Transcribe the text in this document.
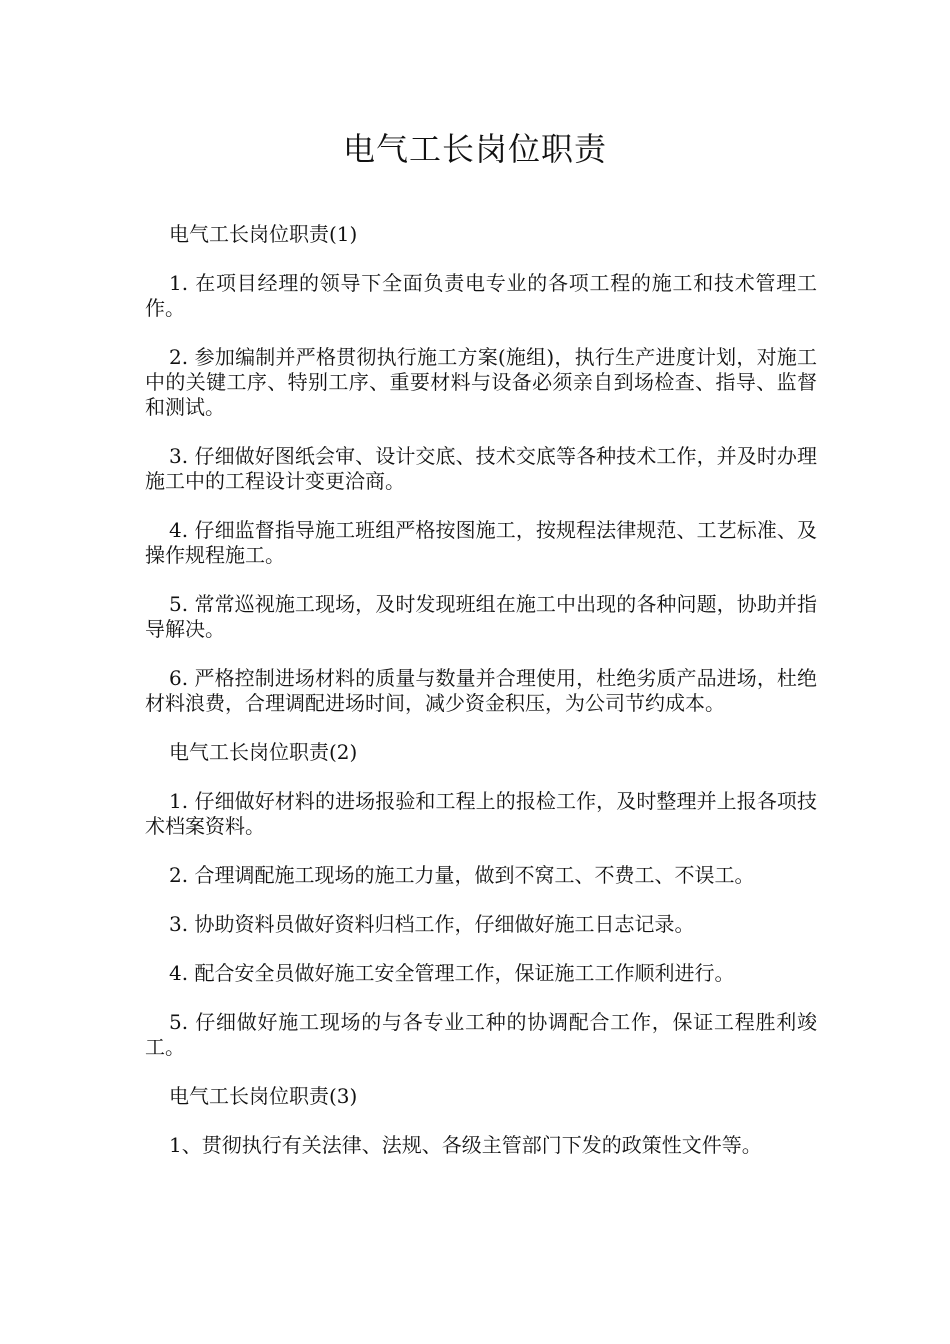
电气工长岗位职责

电气工长岗位职责(1)

1. 在项目经理的领导下全面负责电专业的各项工程的施工和技术管理工作。

2. 参加编制并严格贯彻执行施工方案(施组)，执行生产进度计划，对施工中的关键工序、特别工序、重要材料与设备必须亲自到场检查、指导、监督和测试。

3. 仔细做好图纸会审、设计交底、技术交底等各种技术工作，并及时办理施工中的工程设计变更洽商。

4. 仔细监督指导施工班组严格按图施工，按规程法律规范、工艺标准、及操作规程施工。

5. 常常巡视施工现场，及时发现班组在施工中出现的各种问题，协助并指导解决。

6. 严格控制进场材料的质量与数量并合理使用，杜绝劣质产品进场，杜绝材料浪费，合理调配进场时间，减少资金积压，为公司节约成本。

电气工长岗位职责(2)

1. 仔细做好材料的进场报验和工程上的报检工作，及时整理并上报各项技术档案资料。

2. 合理调配施工现场的施工力量，做到不窝工、不费工、不误工。

3. 协助资料员做好资料归档工作，仔细做好施工日志记录。

4. 配合安全员做好施工安全管理工作，保证施工工作顺利进行。

5. 仔细做好施工现场的与各专业工种的协调配合工作，保证工程胜利竣工。

电气工长岗位职责(3)

1、贯彻执行有关法律、法规、各级主管部门下发的政策性文件等。
